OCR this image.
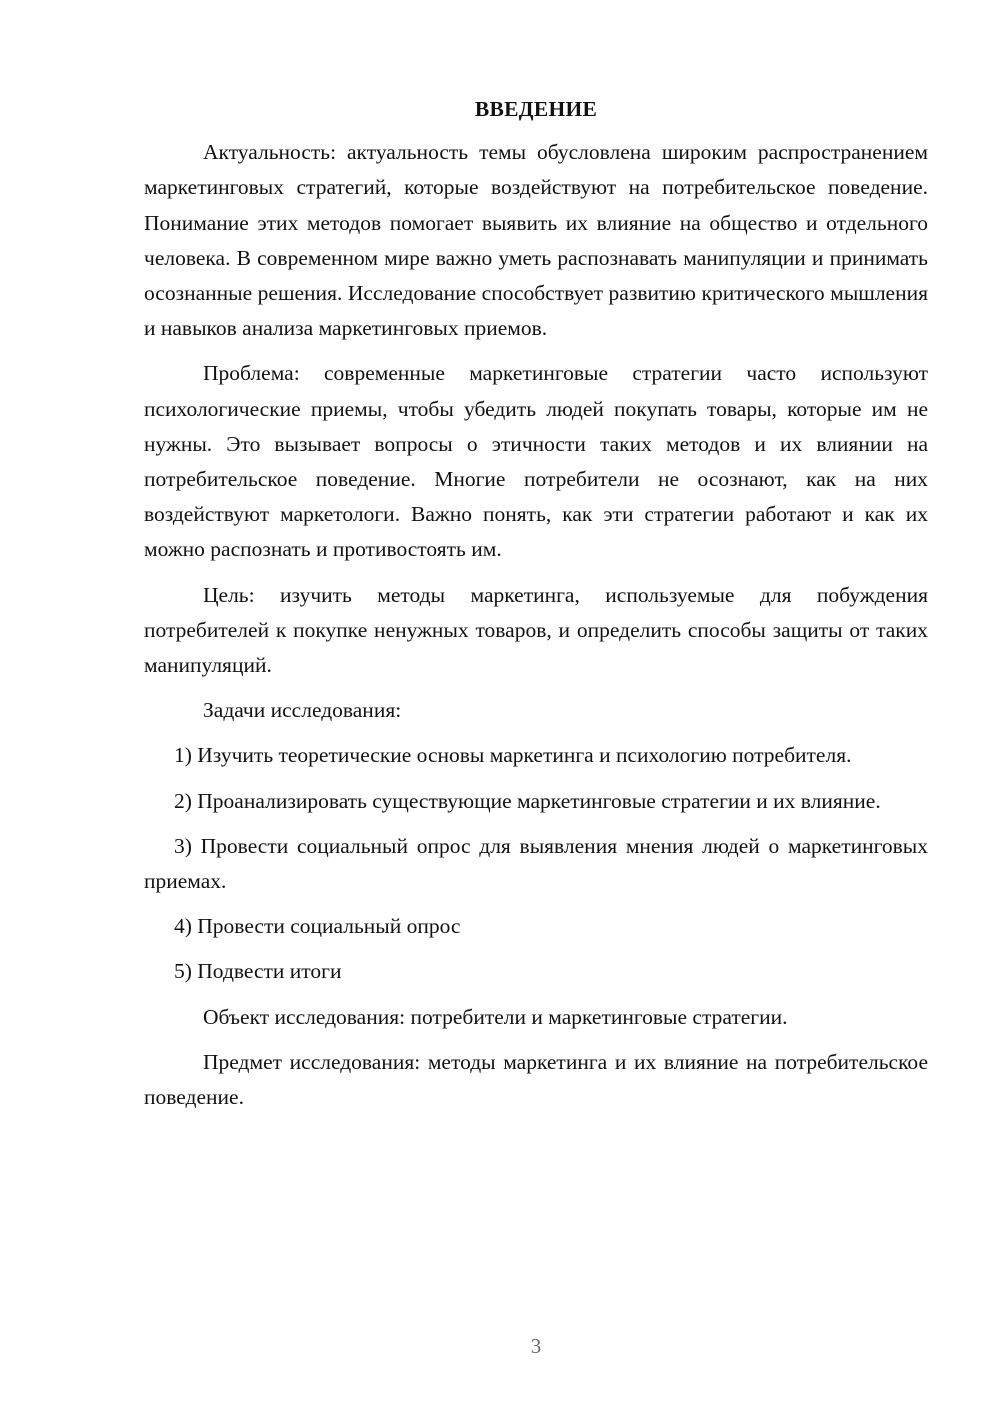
ВВЕДЕНИЕ

Актуальность: актуальность темы обусловлена широким распространением маркетинговых стратегий, которые воздействуют на потребительское поведение. Понимание этих методов помогает выявить их влияние на общество и отдельного человека. В современном мире важно уметь распознавать манипуляции и принимать осознанные решения. Исследование способствует развитию критического мышления и навыков анализа маркетинговых приемов.

Проблема: современные маркетинговые стратегии часто используют психологические приемы, чтобы убедить людей покупать товары, которые им не нужны. Это вызывает вопросы о этичности таких методов и их влиянии на потребительское поведение. Многие потребители не осознают, как на них воздействуют маркетологи. Важно понять, как эти стратегии работают и как их можно распознать и противостоять им.

Цель: изучить методы маркетинга, используемые для побуждения потребителей к покупке ненужных товаров, и определить способы защиты от таких манипуляций.

Задачи исследования:

1) Изучить теоретические основы маркетинга и психологию потребителя.

2) Проанализировать существующие маркетинговые стратегии и их влияние.

3) Провести социальный опрос для выявления мнения людей о маркетинговых приемах.

4) Провести социальный опрос

5) Подвести итоги

Объект исследования: потребители и маркетинговые стратегии.

Предмет исследования: методы маркетинга и их влияние на потребительское поведение.

3
